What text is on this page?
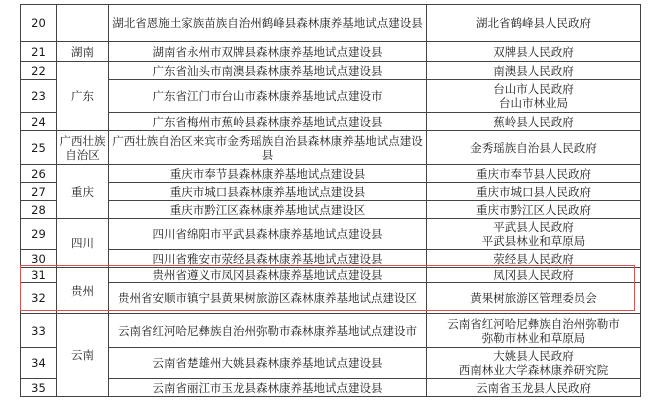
20		湖北省恩施土家族苗族自治州鹤峰县森林康养基地试点建设县	湖北省鹤峰县人民政府
21	湖南	湖南省永州市双牌县森林康养基地试点建设县	双牌县人民政府
22	广东	广东省汕头市南澳县森林康养基地试点建设县	南澳县人民政府
23		广东省江门市台山市森林康养基地试点建设市	台山市人民政府
台山市林业局
24		广东省梅州市蕉岭县森林康养基地试点建设县	蕉岭县人民政府
25	广西壮族
自治区	广西壮族自治区来宾市金秀瑶族自治县森林康养基地试点建设县	金秀瑶族自治县人民政府
26	重庆	重庆市奉节县森林康养基地试点建设县	重庆市奉节县人民政府
27		重庆市城口县森林康养基地试点建设县	重庆市城口县人民政府
28		重庆市黔江区森林康养基地试点建设区	重庆市黔江区人民政府
29	四川	四川省绵阳市平武县森林康养基地试点建设县	平武县人民政府
平武县林业和草原局
30		四川省雅安市荥经县森林康养基地试点建设县	荥经县人民政府
31	贵州	贵州省遵义市凤冈县森林康养基地试点建设县	凤冈县人民政府
32		贵州省安顺市镇宁县黄果树旅游区森林康养基地试点建设区	黄果树旅游区管理委员会
33	云南	云南省红河哈尼彝族自治州弥勒市森林康养基地试点建设市	云南省红河哈尼彝族自治州弥勒市
弥勒市林业和草原局
34		云南省楚雄州大姚县森林康养基地试点建设县	大姚县人民政府
西南林业大学森林康养研究院
35		云南省丽江市玉龙县森林康养基地试点建设县	云南省玉龙县人民政府
